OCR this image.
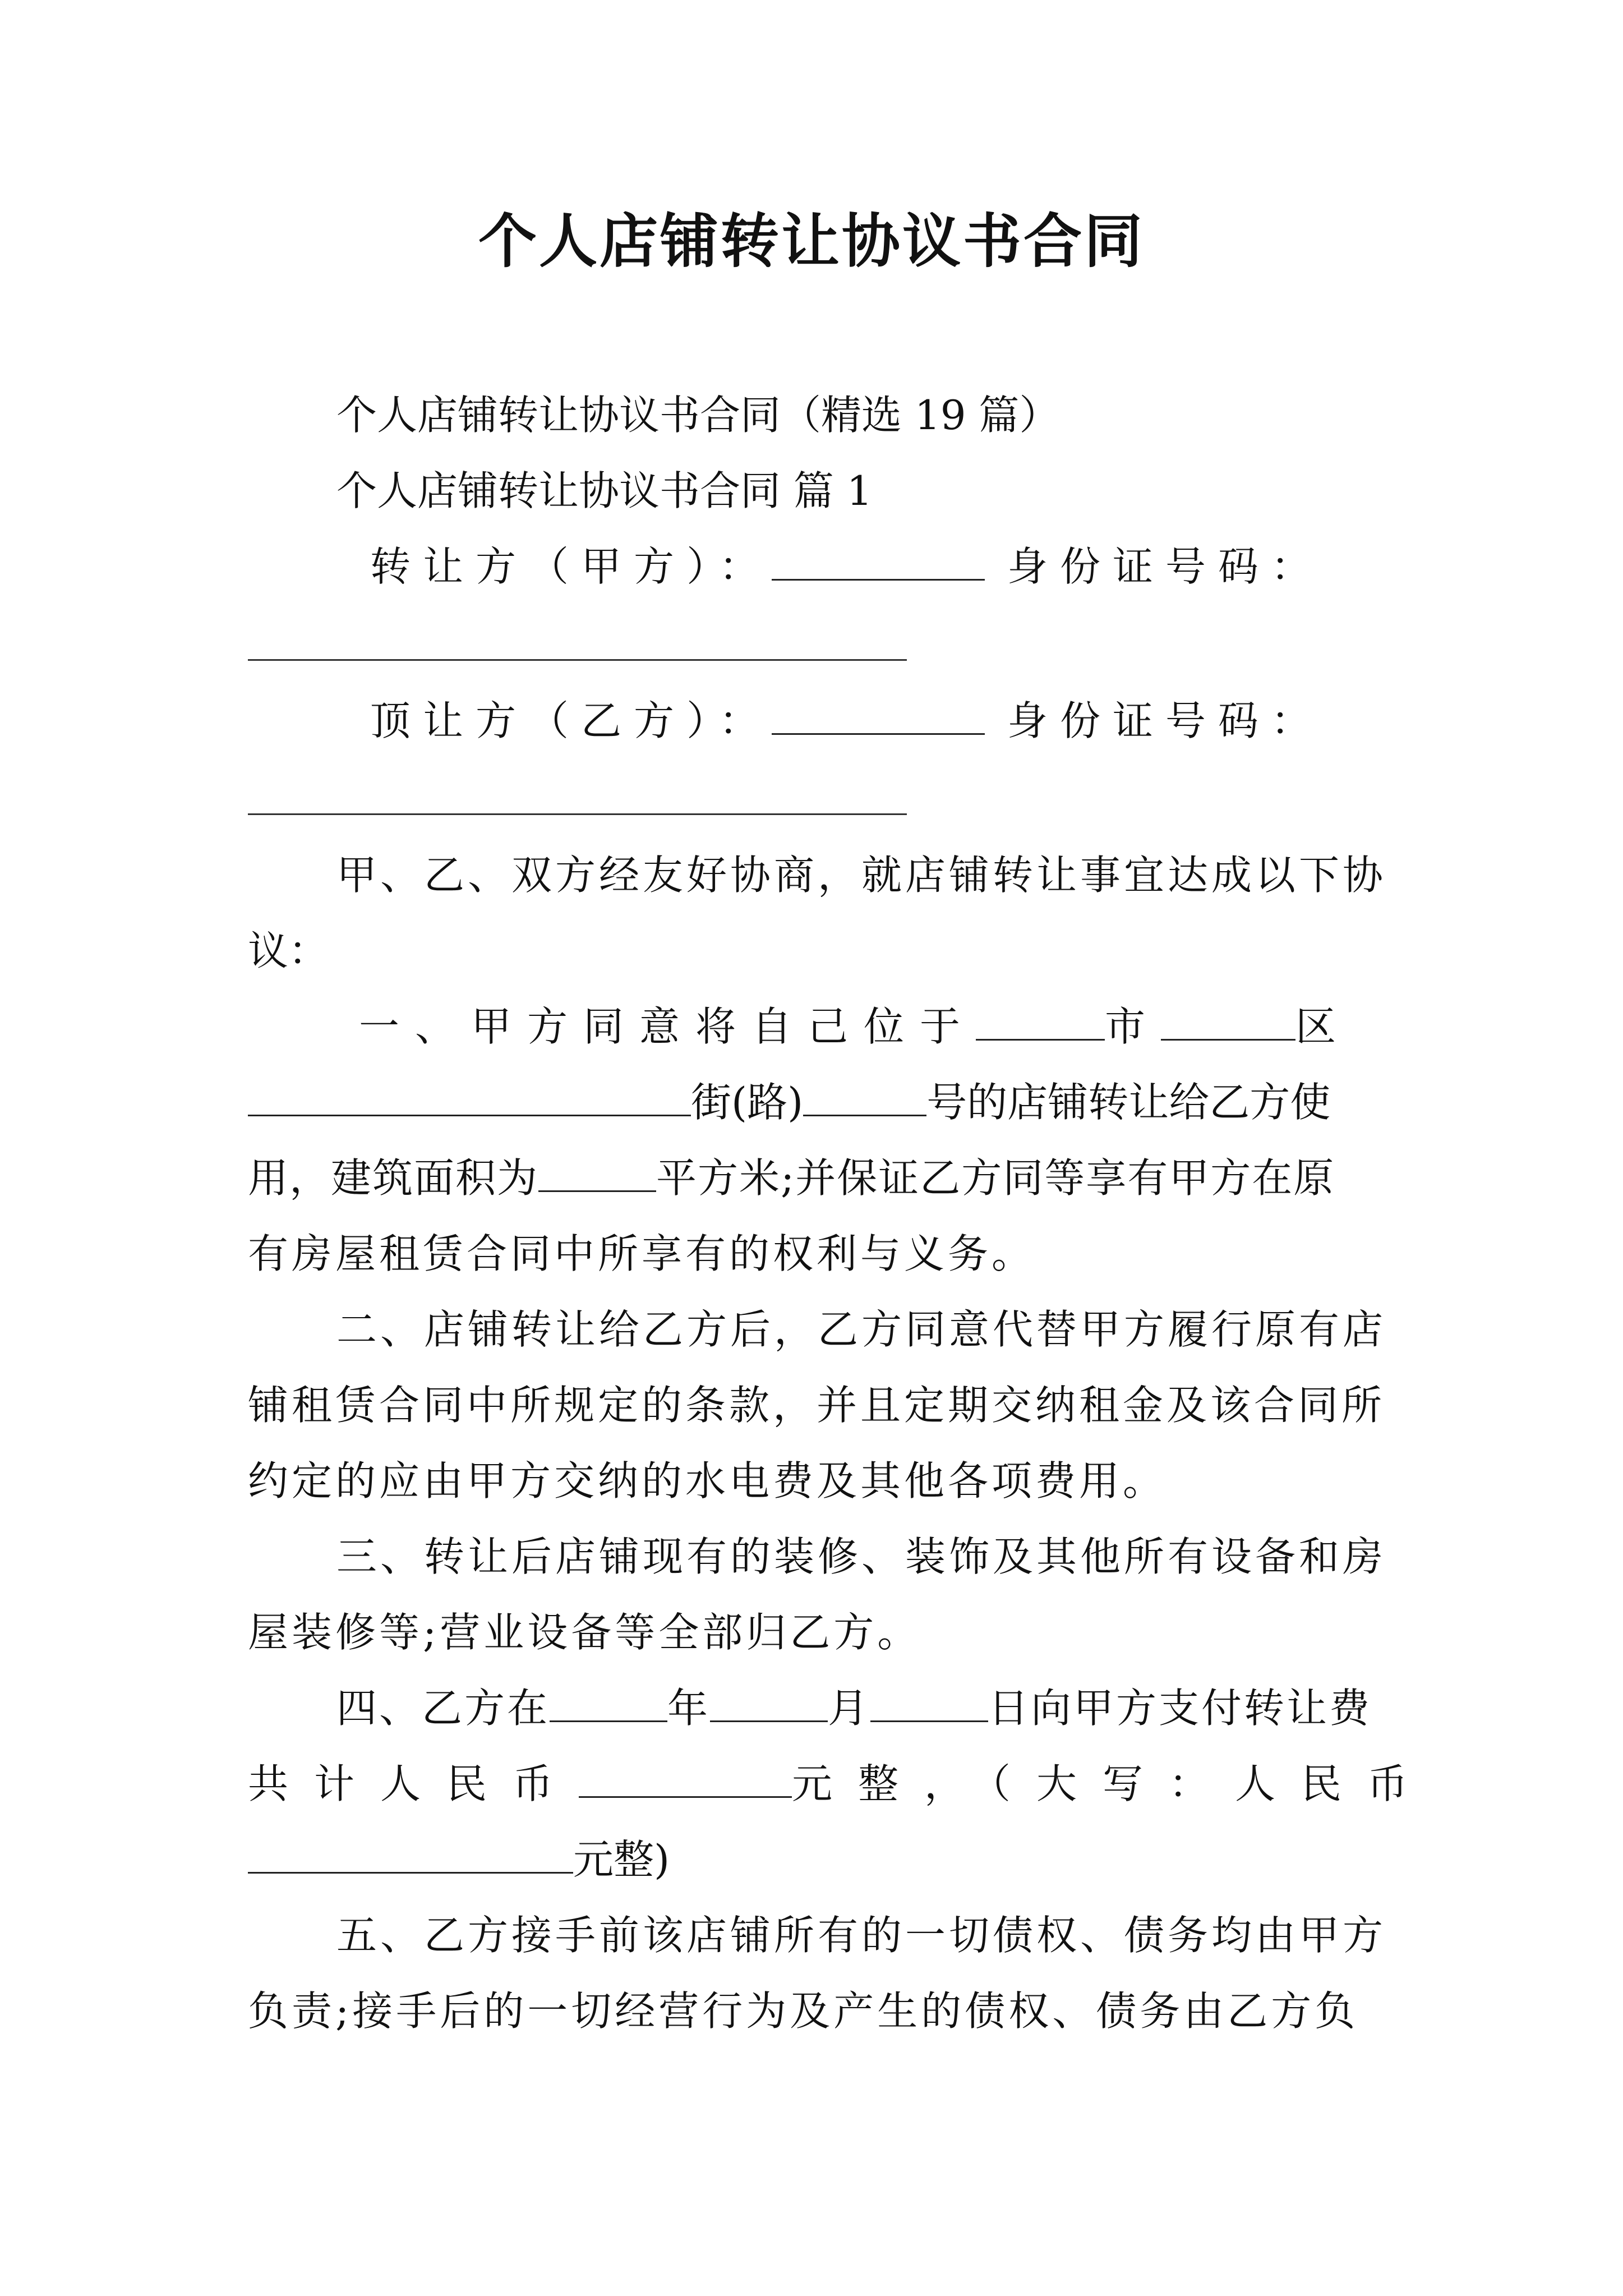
个人店铺转让协议书合同
个人店铺转让协议书合同（精选 19 篇）
个人店铺转让协议书合同 篇 1
转让方（甲方）：	身份证号码：
顶让方（乙方）：	身份证号码：
甲、乙、双方经友好协商，就店铺转让事宜达成以下协
议：
一、甲方同意将自己位于	市	区
街(路)	号的店铺转让给乙方使
用，建筑面积为	平方米;并保证乙方同等享有甲方在原
有房屋租赁合同中所享有的权利与义务。
二、店铺转让给乙方后，乙方同意代替甲方履行原有店
铺租赁合同中所规定的条款，并且定期交纳租金及该合同所
约定的应由甲方交纳的水电费及其他各项费用。
三、转让后店铺现有的装修、装饰及其他所有设备和房
屋装修等;营业设备等全部归乙方。
四、乙方在	年	月	日向甲方支付转让费
共计人民币	元整，（大写：人民币
元整)
五、乙方接手前该店铺所有的一切债权、债务均由甲方
负责;接手后的一切经营行为及产生的债权、债务由乙方负
